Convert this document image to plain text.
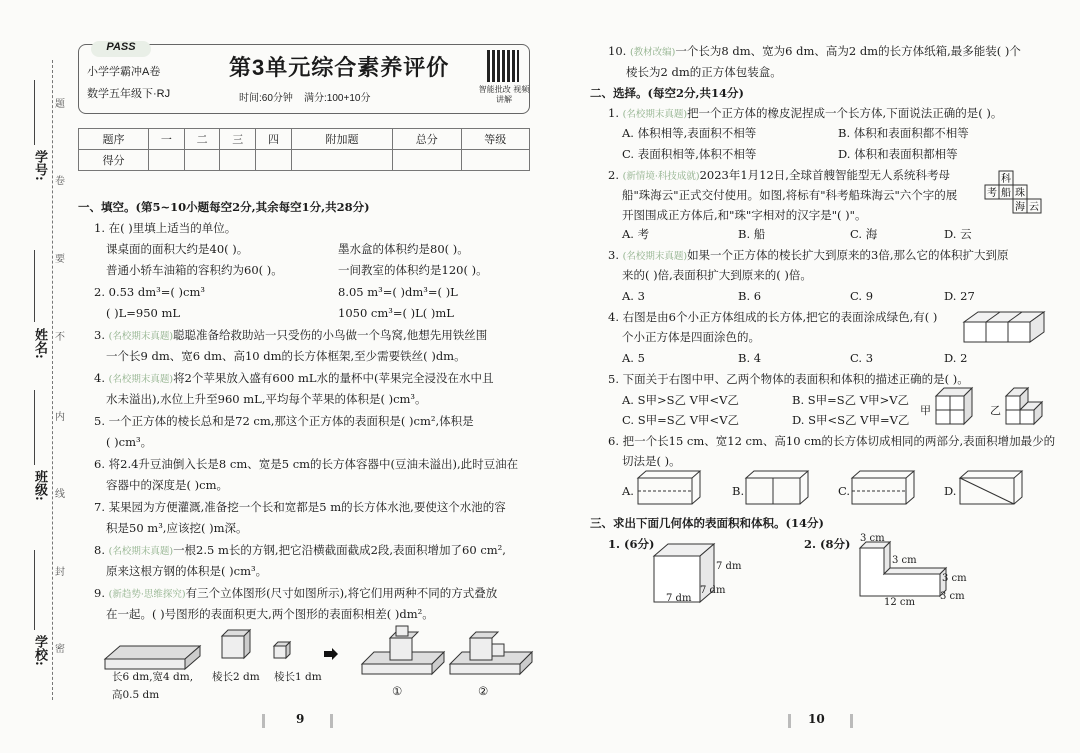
学号:
姓名:
班级:
学校:
题
卷
要
不
内
线
封
密
PASS
小学学霸冲A卷
数学五年级下·RJ
第3单元综合素养评价
时间:60分钟 满分:100+10分
智能批改 视频讲解
题序	一	二	三	四	附加题	总分	等级
得分							
一、填空。(第5~10小题每空2分,其余每空1分,共28分)
1. 在( )里填上适当的单位。
课桌面的面积大约是40( )。	墨水盒的体积约是80( )。
普通小轿车油箱的容积约为60( )。	一间教室的体积约是120( )。
2. 0.53 dm³=( )cm³	8.05 m³=( )dm³=( )L
( )L=950 mL	1050 cm³=( )L( )mL
3. (名校期末真题)聪聪准备给救助站一只受伤的小鸟做一个鸟窝,他想先用铁丝围
一个长9 dm、宽6 dm、高10 dm的长方体框架,至少需要铁丝( )dm。
4. (名校期末真题)将2个苹果放入盛有600 mL水的量杯中(苹果完全浸没在水中且
水未溢出),水位上升至960 mL,平均每个苹果的体积是( )cm³。
5. 一个正方体的棱长总和是72 cm,那这个正方体的表面积是( )cm²,体积是
( )cm³。
6. 将2.4升豆油倒入长是8 cm、宽是5 cm的长方体容器中(豆油未溢出),此时豆油在
容器中的深度是( )cm。
7. 某果园为方便灌溉,准备挖一个长和宽都是5 m的长方体水池,要使这个水池的容
积是50 m³,应该挖( )m深。
8. (名校期末真题)一根2.5 m长的方钢,把它沿横截面截成2段,表面积增加了60 cm²,
原来这根方钢的体积是( )cm³。
9. (新趋势·思维探究)有三个立体图形(尺寸如图所示),将它们用两种不同的方式叠放
在一起。( )号图形的表面积更大,两个图形的表面积相差( )dm²。
长6 dm,宽4 dm,
高0.5 dm
棱长2 dm 棱长1 dm
①	②
9
10. (教材改编)一个长为8 dm、宽为6 dm、高为2 dm的长方体纸箱,最多能装( )个
棱长为2 dm的正方体包装盒。
二、选择。(每空2分,共14分)
1. (名校期末真题)把一个正方体的橡皮泥捏成一个长方体,下面说法正确的是( )。
A. 体积相等,表面积不相等	B. 体积和表面积都不相等
C. 表面积相等,体积不相等	D. 体积和表面积都相等
2. (新情境·科技成就)2023年1月12日,全球首艘智能型无人系统科考母
船"珠海云"正式交付使用。如图,将标有"科考船珠海云"六个字的展
开图围成正方体后,和"珠"字相对的汉字是"( )"。
科
考 船 珠
海 云
A. 考	B. 船	C. 海	D. 云
3. (名校期末真题)如果一个正方体的棱长扩大到原来的3倍,那么它的体积扩大到原
来的( )倍,表面积扩大到原来的( )倍。
A. 3	B. 6	C. 9	D. 27
4. 右图是由6个小正方体组成的长方体,把它的表面涂成绿色,有( )
个小正方体是四面涂色的。
A. 5	B. 4	C. 3	D. 2
5. 下面关于右图中甲、乙两个物体的表面积和体积的描述正确的是( )。
A. S甲>S乙 V甲<V乙	B. S甲=S乙 V甲>V乙
C. S甲=S乙 V甲<V乙	D. S甲<S乙 V甲=V乙
甲	乙
6. 把一个长15 cm、宽12 cm、高10 cm的长方体切成相同的两部分,表面积增加最少的
切法是( )。
A.	B.	C.	D.
三、求出下面几何体的表面积和体积。(14分)
1. (6分)	2. (8分)
7 dm
7 dm
7 dm
3 cm
3 cm
3 cm
12 cm
3 cm
10
